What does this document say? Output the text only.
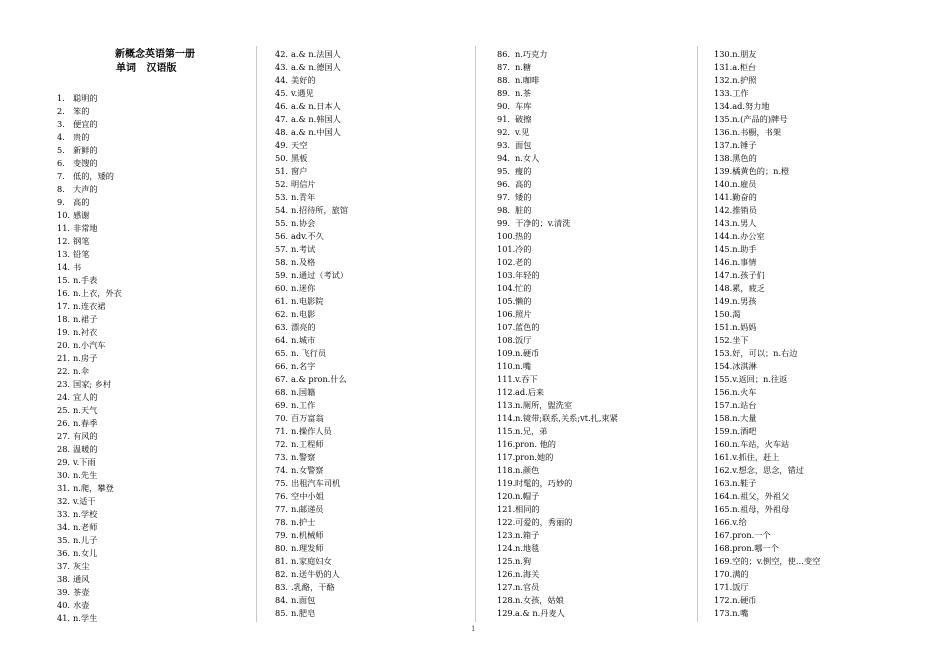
新概念英语第一册
单词 汉语版
1. 聪明的
2. 笨的
3. 便宜的
4. 贵的
5. 新鲜的
6. 变馊的
7. 低的，矮的
8. 大声的
9. 高的
10. 感谢
11. 非常地
12. 钢笔
13. 铅笔
14. 书
15. n.手表
16. n.上衣，外衣
17. n.连衣裙
18. n.裙子
19. n.衬衣
20. n.小汽车
21. n.房子
22. n.伞
23. 国家; 乡村
24. 宜人的
25. n.天气
26. n.春季
27. 有风的
28. 温暖的
29. v.下雨
30. n.先生
31. n.爬，攀登
32. v.适于
33. n.学校
34. n.老师
35. n.儿子
36. n.女儿
37. 灰尘
38. 通风
39. 茶壶
40. 水壶
41. n.学生
42. a.& n.法国人
43. a.& n.德国人
44. 美好的
45. v.遇见
46. a.& n.日本人
47. a.& n.韩国人
48. a.& n.中国人
49. 天空
50. 黑板
51. 窗户
52. 明信片
53. n.青年
54. n.招待所，旅馆
55. n.协会
56. adv.不久
57. n.考试
58. n.及格
59. n.通过（考试）
60. n.迷你
61. n.电影院
62. n.电影
63. 漂亮的
64. n.城市
65. n. 飞行员
66. n.名字
67. a.& pron.什么
68. n.国籍
69. n.工作
70. 百万富翁
71. n.操作人员
72. n.工程师
73. n.警察
74. n.女警察
75. 出租汽车司机
76. 空中小姐
77. n.邮递员
78. n.护士
79. n.机械师
80. n.理发师
81. n.家庭妇女
82. n.送牛奶的人
83. .乳酪，干酪
84. n.面包
85. n.肥皂
86. n.巧克力
87. n.糖
88. n.咖啡
89. n.茶
90. 车库
91. 破擦
92. v.见
93. 面包
94. n.女人
95. 瘦的
96. 高的
97. 矮的
98. 脏的
99. 干净的；v.清洗
100.热的
101.冷的
102.老的
103.年轻的
104.忙的
105.懒的
106.照片
107.蓝色的
108.饭厅
109.n.硬币
110.n.嘴
111.v.吞下
112.ad.后来
113.n.厕所，盥洗室
114.n.镜带;联系,关系;vt.扎,束紧
115.n.兄，弟
116.pron. 他的
117.pron.她的
118.n.颜色
119.时髦的，巧妙的
120.n.帽子
121.相同的
122.可爱的，秀丽的
123.n.箱子
124.n.地毯
125.n.狗
126.n.海关
127.n.官员
128.n.女孩，姑娘
129.a.& n.丹麦人
130.n.朋友
131.a.柜台
132.n.护照
133.工作
134.ad.努力地
135.n.(产品的)牌号
136.n.书橱，书架
137.n.锤子
138.黑色的
139.橘黄色的；n.橙
140.n.雇员
141.勤奋的
142.推销员
143.n.男人
144.n.办公室
145.n.助手
146.n.事情
147.n.孩子们
148.累，疲乏
149.n.男孩
150.渴
151.n.妈妈
152.坐下
153.好，可以；n.右边
154.冰淇淋
155.v.返回；n.往返
156.n.火车
157.n.站台
158.n.大量
159.n.酒吧
160.n.车站，火车站
161.v.抓住，赶上
162.v.想念，思念，错过
163.n.鞋子
164.n.祖父，外祖父
165.n.祖母，外祖母
166.v.给
167.pron.一个
168.pron.哪一个
169.空的；v.倒空，使…变空
170.满的
171.饭厅
172.n.硬币
173.n.嘴
1
